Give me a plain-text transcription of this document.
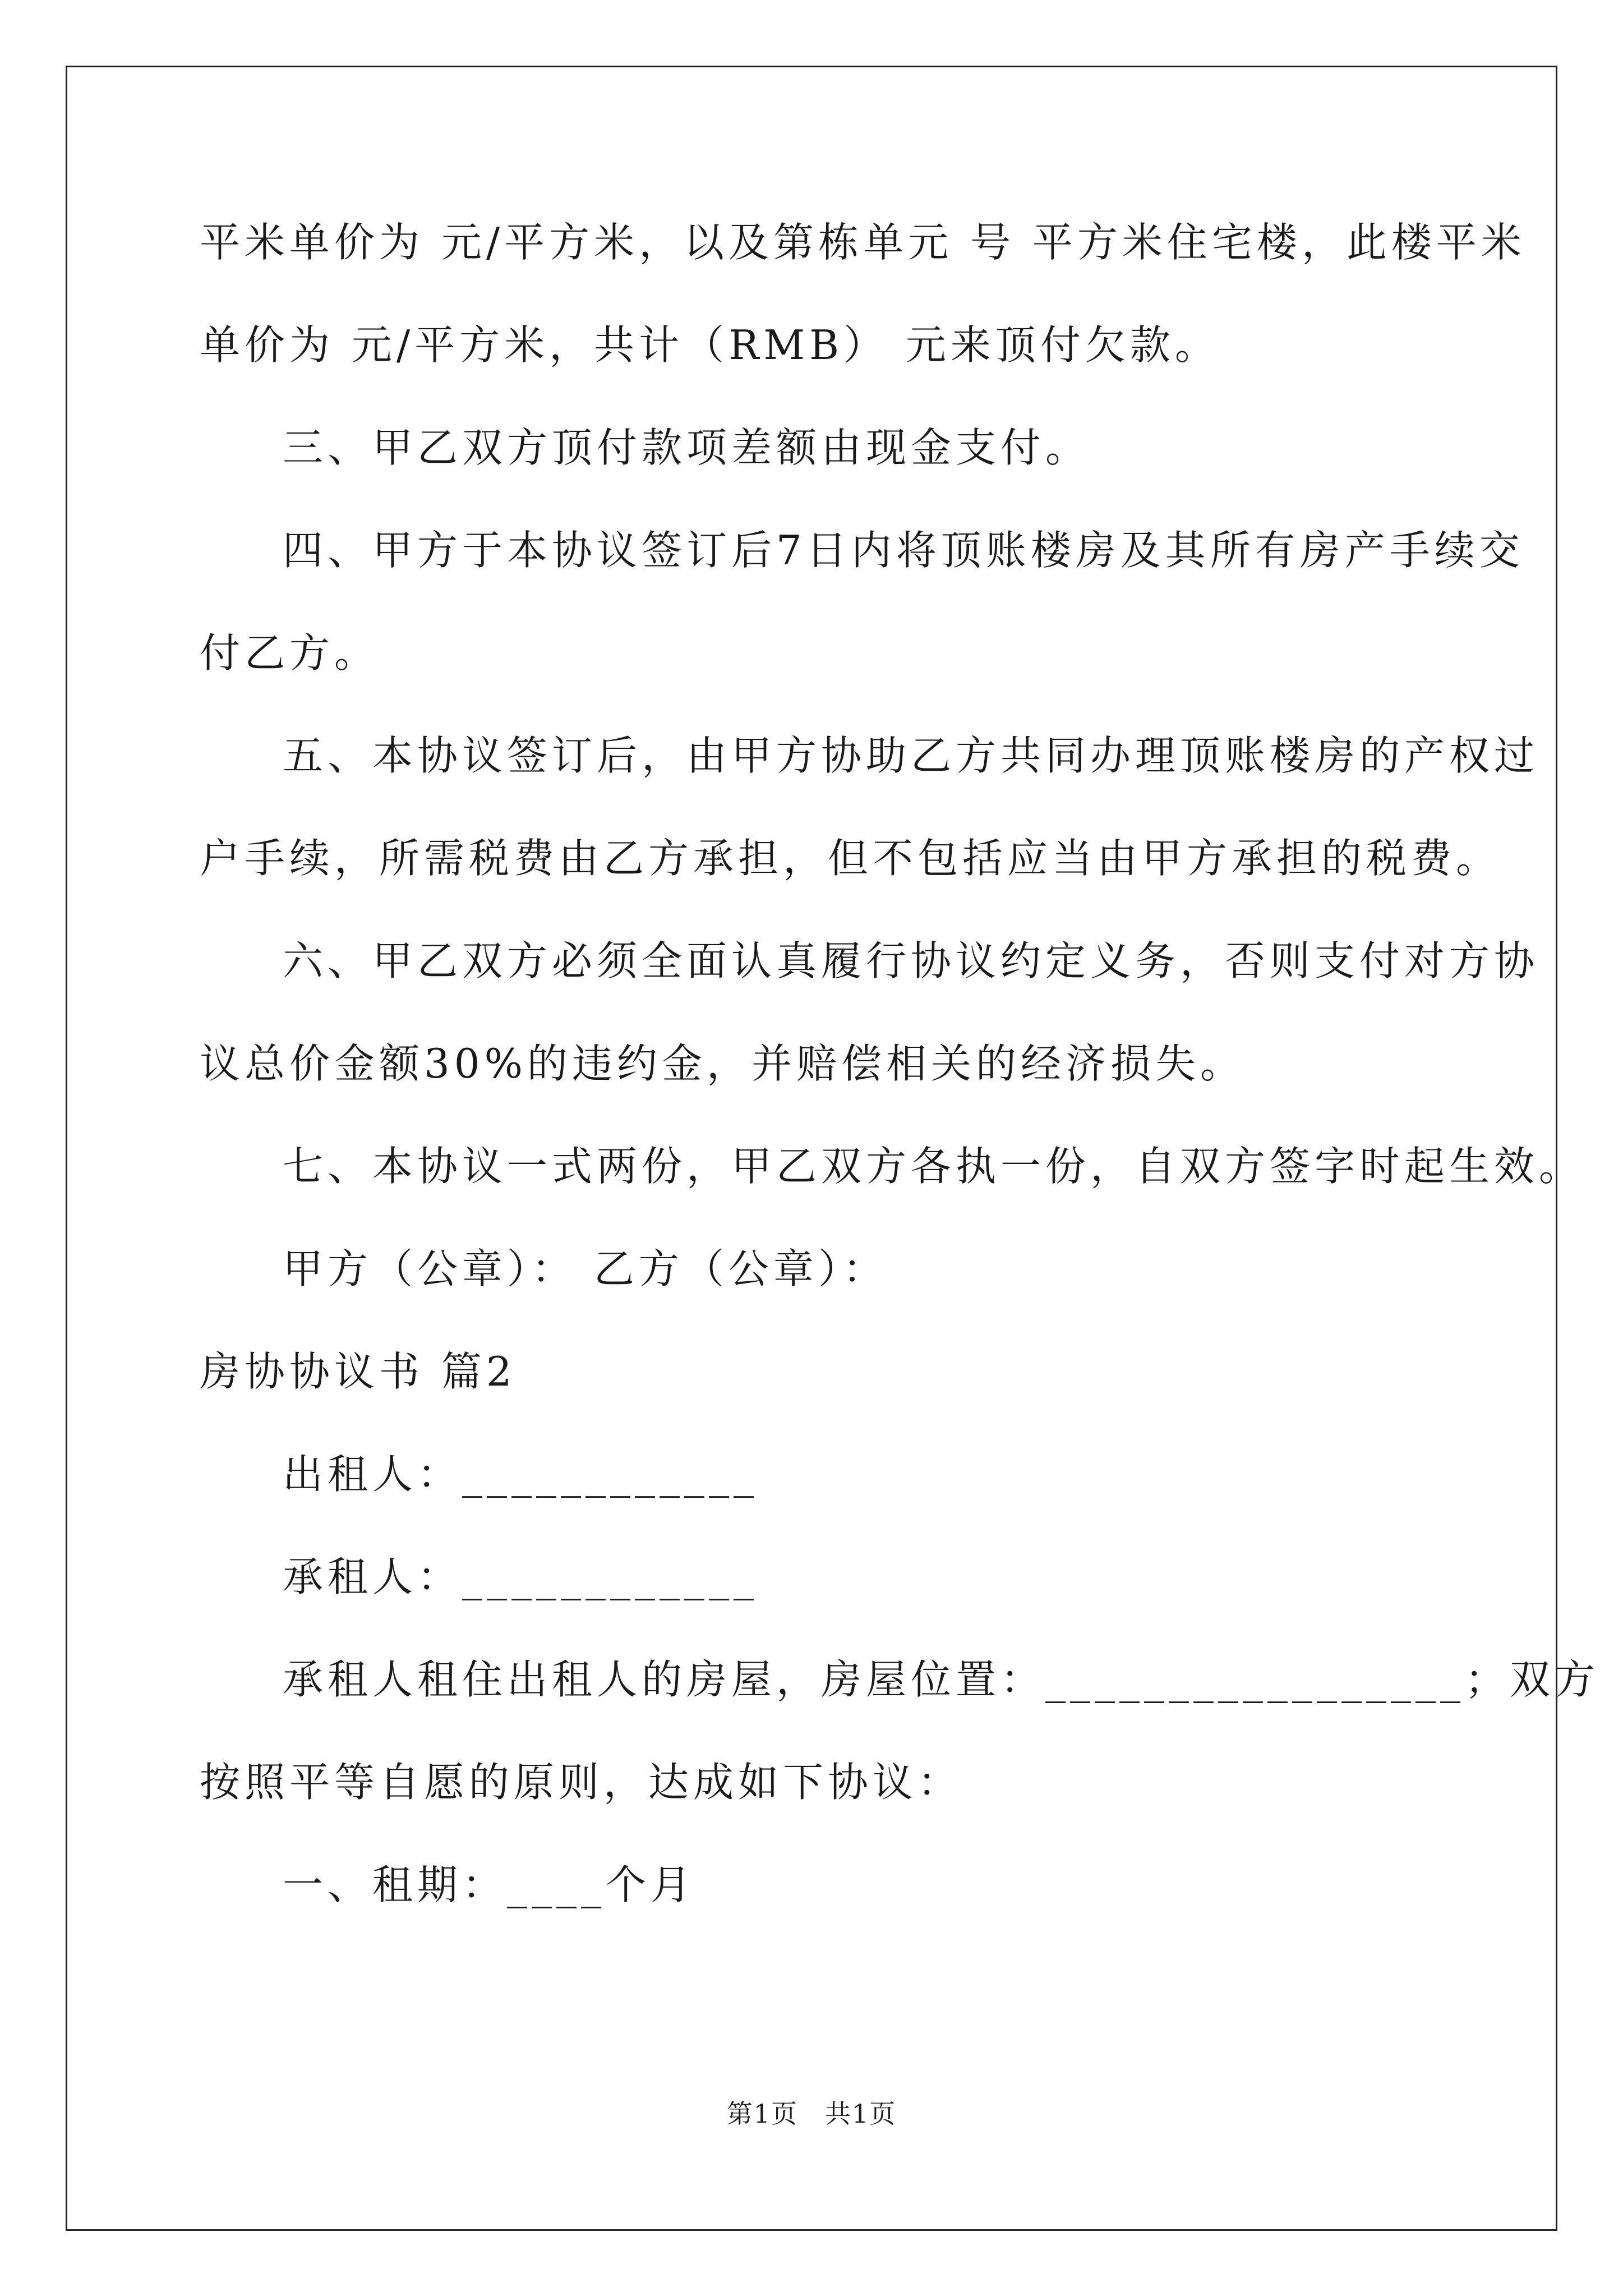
平米单价为 元/平方米，以及第栋单元 号 平方米住宅楼，此楼平米
单价为 元/平方米，共计（RMB） 元来顶付欠款。
三、甲乙双方顶付款项差额由现金支付。
四、甲方于本协议签订后7日内将顶账楼房及其所有房产手续交
付乙方。
五、本协议签订后，由甲方协助乙方共同办理顶账楼房的产权过
户手续，所需税费由乙方承担，但不包括应当由甲方承担的税费。
六、甲乙双方必须全面认真履行协议约定义务，否则支付对方协
议总价金额30%的违约金，并赔偿相关的经济损失。
七、本协议一式两份，甲乙双方各执一份，自双方签字时起生效。
甲方（公章）： 乙方（公章）：
房协协议书 篇2
出租人：____________
承租人：____________
承租人租住出租人的房屋，房屋位置：_________________；双方
按照平等自愿的原则，达成如下协议：
一、租期：____个月
第1页　共1页
